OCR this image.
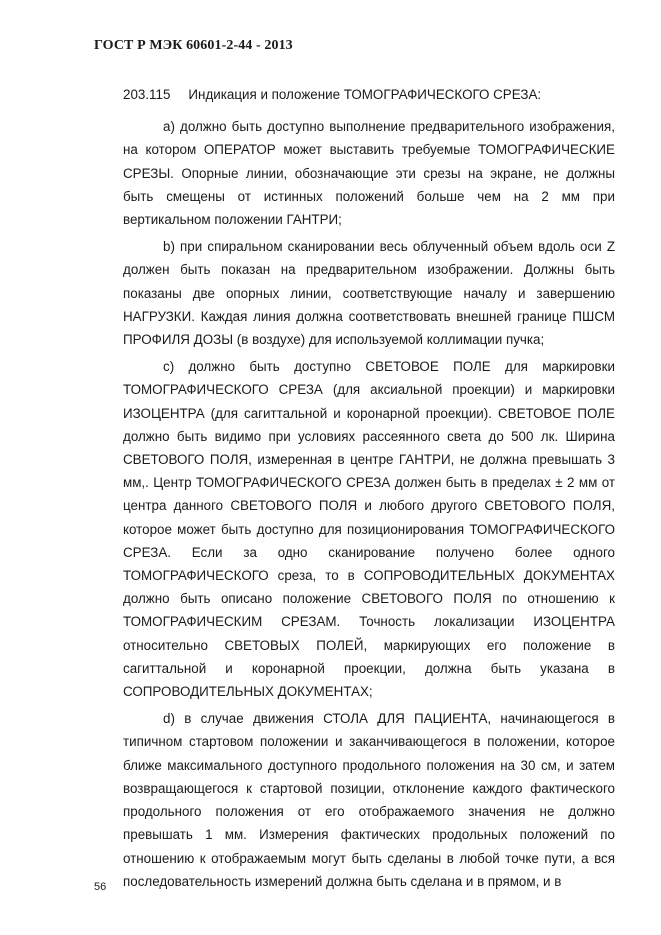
ГОСТ Р МЭК 60601-2-44 - 2013
203.115 Индикация и положение ТОМОГРАФИЧЕСКОГО СРЕЗА:

a) должно быть доступно выполнение предварительного изображения, на котором ОПЕРАТОР может выставить требуемые ТОМОГРАФИЧЕСКИЕ СРЕЗЫ. Опорные линии, обозначающие эти срезы на экране, не должны быть смещены от истинных положений больше чем на 2 мм при вертикальном положении ГАНТРИ;

b) при спиральном сканировании весь облученный объем вдоль оси Z должен быть показан на предварительном изображении. Должны быть показаны две опорных линии, соответствующие началу и завершению НАГРУЗКИ. Каждая линия должна соответствовать внешней границе ПШСМ ПРОФИЛЯ ДОЗЫ (в воздухе) для используемой коллимации пучка;

c) должно быть доступно СВЕТОВОЕ ПОЛЕ для маркировки ТОМОГРАФИЧЕСКОГО СРЕЗА (для аксиальной проекции) и маркировки ИЗОЦЕНТРА (для сагиттальной и коронарной проекции). СВЕТОВОЕ ПОЛЕ должно быть видимо при условиях рассеянного света до 500 лк. Ширина СВЕТОВОГО ПОЛЯ, измеренная в центре ГАНТРИ, не должна превышать 3 мм,. Центр ТОМОГРАФИЧЕСКОГО СРЕЗА должен быть в пределах ± 2 мм от центра данного СВЕТОВОГО ПОЛЯ и любого другого СВЕТОВОГО ПОЛЯ, которое может быть доступно для позиционирования ТОМОГРАФИЧЕСКОГО СРЕЗА. Если за одно сканирование получено более одного ТОМОГРАФИЧЕСКОГО среза, то в СОПРОВОДИТЕЛЬНЫХ ДОКУМЕНТАХ должно быть описано положение СВЕТОВОГО ПОЛЯ по отношению к ТОМОГРАФИЧЕСКИМ СРЕЗАМ. Точность локализации ИЗОЦЕНТРА относительно СВЕТОВЫХ ПОЛЕЙ, маркирующих его положение в сагиттальной и коронарной проекции, должна быть указана в СОПРОВОДИТЕЛЬНЫХ ДОКУМЕНТАХ;

d) в случае движения СТОЛА ДЛЯ ПАЦИЕНТА, начинающегося в типичном стартовом положении и заканчивающегося в положении, которое ближе максимального доступного продольного положения на 30 см, и затем возвращающегося к стартовой позиции, отклонение каждого фактического продольного положения от его отображаемого значения не должно превышать 1 мм. Измерения фактических продольных положений по отношению к отображаемым могут быть сделаны в любой точке пути, а вся последовательность измерений должна быть сделана и в прямом, и в

56
